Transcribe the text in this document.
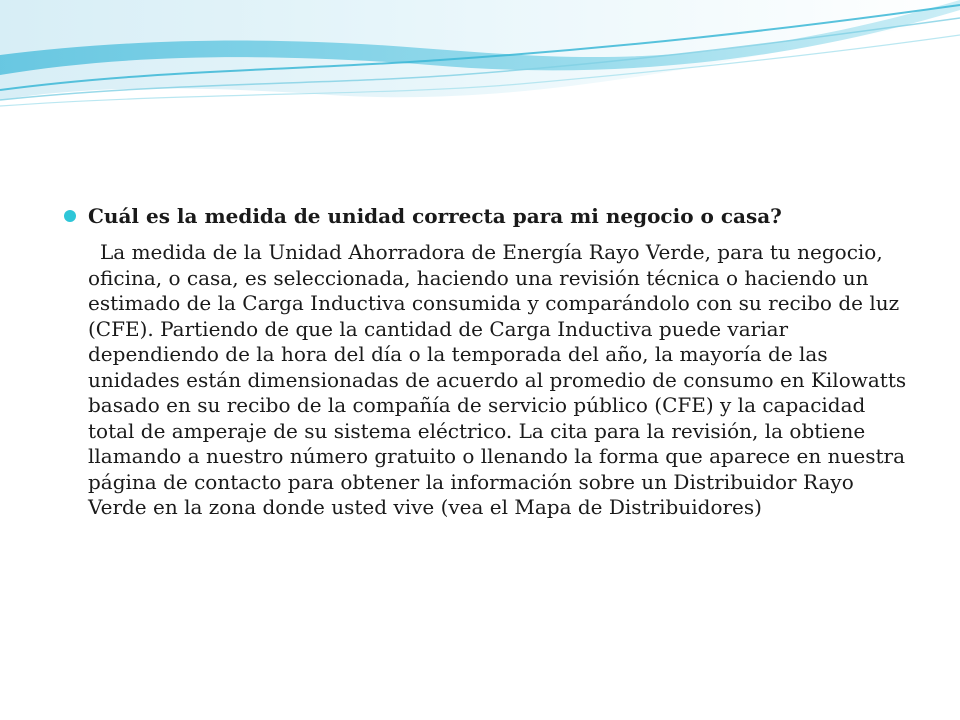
Cuál es la medida de unidad correcta para mi negocio o casa?

La medida de la Unidad Ahorradora de Energía Rayo Verde, para tu negocio, oficina, o casa, es seleccionada, haciendo una revisión técnica o haciendo un estimado de la Carga Inductiva consumida y comparándolo con su recibo de luz (CFE). Partiendo de que la cantidad de Carga Inductiva puede variar dependiendo de la hora del día o la temporada del año, la mayoría de las unidades están dimensionadas de acuerdo al promedio de consumo en Kilowatts basado en su recibo de la compañía de servicio público (CFE) y la capacidad total de amperaje de su sistema eléctrico. La cita para la revisión, la obtiene llamando a nuestro número gratuito o llenando la forma que aparece en nuestra página de contacto para obtener la información sobre un Distribuidor Rayo Verde en la zona donde usted vive (vea el Mapa de Distribuidores)
